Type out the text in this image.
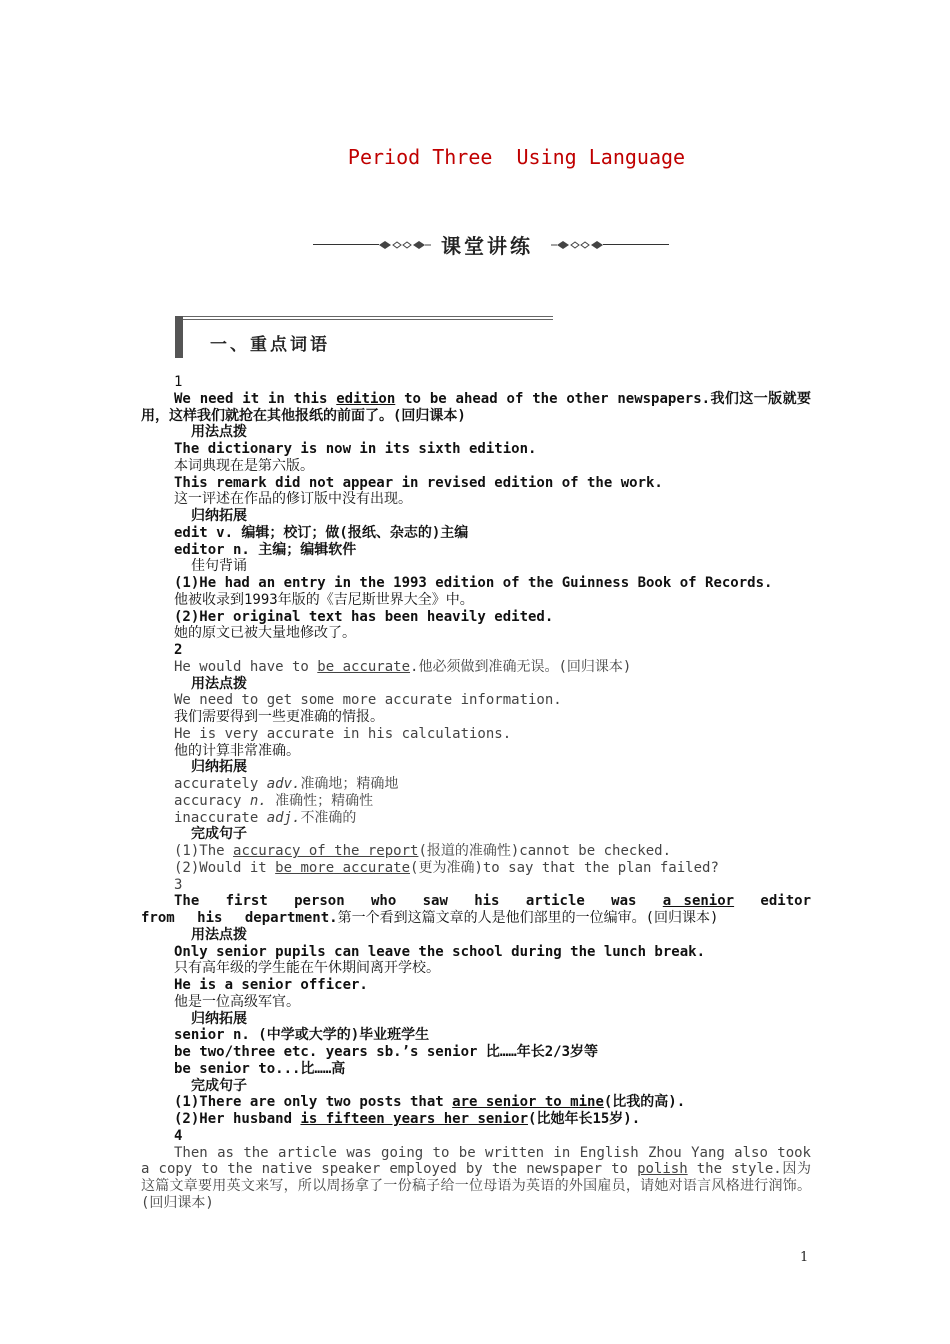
Period Three  Using Language
课堂讲练
一、重点词语
1
We need it in this edition to be ahead of the other newspapers.我们这一版就要用，这样我们就抢在其他报纸的前面了。(回归课本)
用法点拨
The dictionary is now in its sixth edition.
本词典现在是第六版。
This remark did not appear in revised edition of the work.
这一评述在作品的修订版中没有出现。
归纳拓展
edit v. 编辑；校订；做(报纸、杂志的)主编
editor n. 主编；编辑软件
佳句背诵
(1)He had an entry in the 1993 edition of the Guinness Book of Records.
他被收录到1993年版的《吉尼斯世界大全》中。
(2)Her original text has been heavily edited.
她的原文已被大量地修改了。
2
He would have to be accurate.他必须做到准确无误。(回归课本)
用法点拨
We need to get some more accurate information.
我们需要得到一些更准确的情报。
He is very accurate in his calculations.
他的计算非常准确。
归纳拓展
accurately adv.准确地；精确地
accuracy n. 准确性；精确性
inaccurate adj.不准确的
完成句子
(1)The accuracy of the report(报道的准确性)cannot be checked.
(2)Would it be more accurate(更为准确)to say that the plan failed?
3
The first person who saw his article was a senior editor from his department.第一个看到这篇文章的人是他们部里的一位编审。(回归课本)
用法点拨
Only senior pupils can leave the school during the lunch break.
只有高年级的学生能在午休期间离开学校。
He is a senior officer.
他是一位高级军官。
归纳拓展
senior n. (中学或大学的)毕业班学生
be two/three etc. years sb.’s senior 比……年长2/3岁等
be senior to...比……高
完成句子
(1)There are only two posts that are senior to mine(比我的高).
(2)Her husband is fifteen years her senior(比她年长15岁).
4
Then as the article was going to be written in English Zhou Yang also took a copy to the native speaker employed by the newspaper to polish the style.因为这篇文章要用英文来写，所以周扬拿了一份稿子给一位母语为英语的外国雇员，请她对语言风格进行润饰。(回归课本)
1
